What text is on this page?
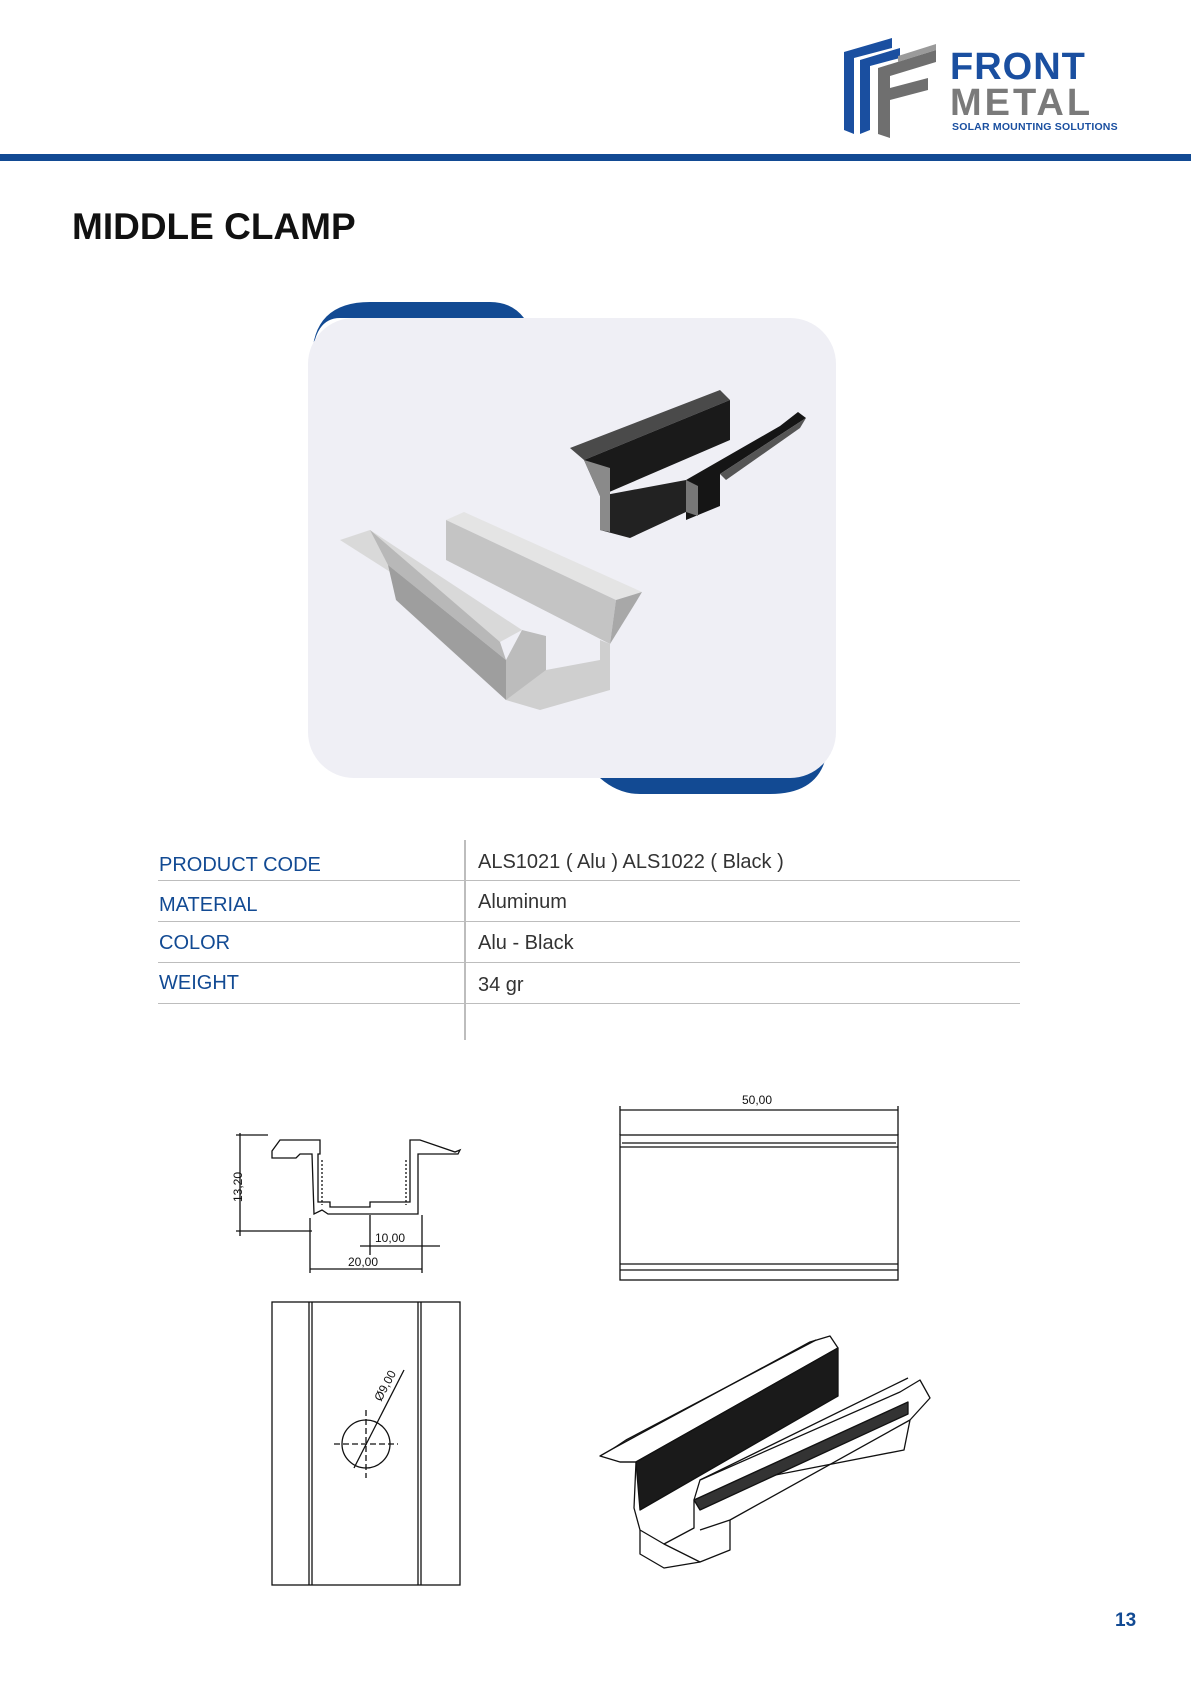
FRONT
METAL
SOLAR MOUNTING SOLUTIONS
MIDDLE CLAMP
PRODUCT CODE	ALS1021 ( Alu ) ALS1022 ( Black )
MATERIAL	Aluminum
COLOR	Alu - Black
WEIGHT	34 gr
13,20
10,00
20,00
50,00
Ø9,00
13
